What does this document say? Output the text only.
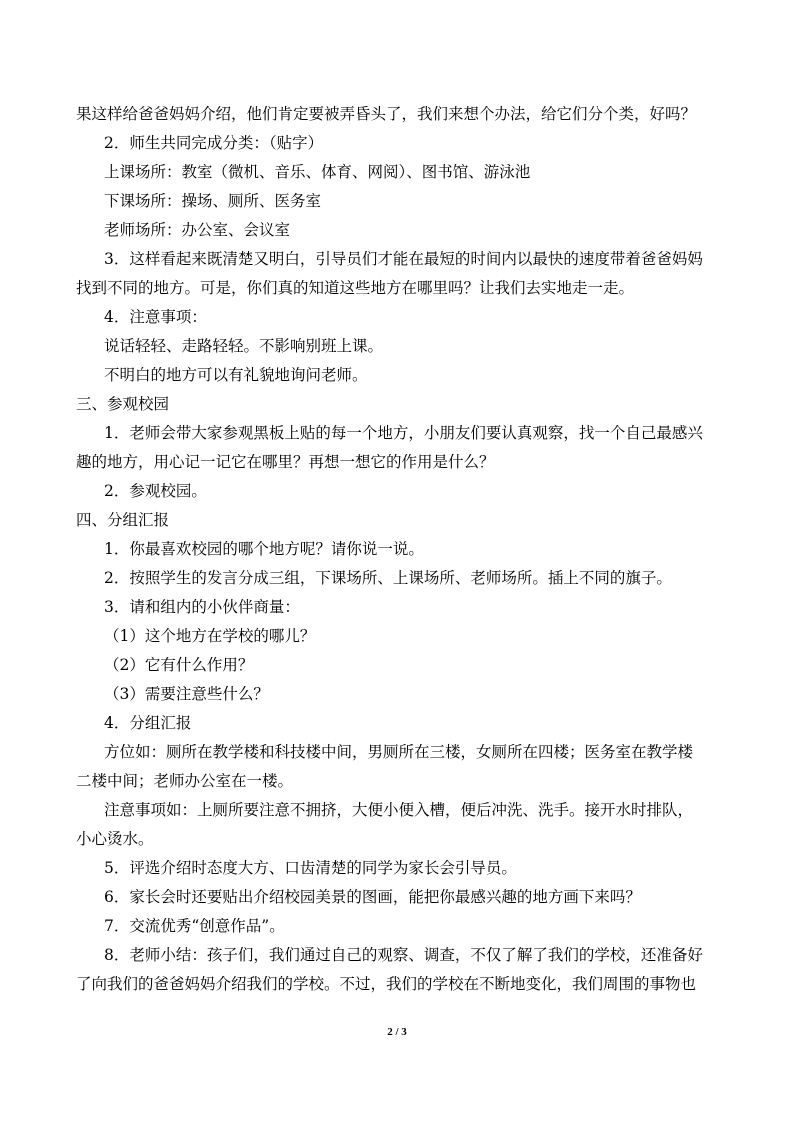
果这样给爸爸妈妈介绍，他们肯定要被弄昏头了，我们来想个办法，给它们分个类，好吗？

2．师生共同完成分类：（贴字）

上课场所：教室（微机、音乐、体育、网阅）、图书馆、游泳池

下课场所：操场、厕所、医务室

老师场所：办公室、会议室

3．这样看起来既清楚又明白，引导员们才能在最短的时间内以最快的速度带着爸爸妈妈

找到不同的地方。可是，你们真的知道这些地方在哪里吗？让我们去实地走一走。

4．注意事项：

说话轻轻、走路轻轻。不影响别班上课。

不明白的地方可以有礼貌地询问老师。

三、参观校园

1．老师会带大家参观黑板上贴的每一个地方，小朋友们要认真观察，找一个自己最感兴

趣的地方，用心记一记它在哪里？再想一想它的作用是什么？

2．参观校园。

四、分组汇报

1．你最喜欢校园的哪个地方呢？请你说一说。

2．按照学生的发言分成三组，下课场所、上课场所、老师场所。插上不同的旗子。

3．请和组内的小伙伴商量：

（1）这个地方在学校的哪儿？

（2）它有什么作用？

（3）需要注意些什么？

4．分组汇报

方位如：厕所在教学楼和科技楼中间，男厕所在三楼，女厕所在四楼；医务室在教学楼

二楼中间；老师办公室在一楼。

注意事项如：上厕所要注意不拥挤，大便小便入槽，便后冲洗、洗手。接开水时排队，

小心烫水。

5．评选介绍时态度大方、口齿清楚的同学为家长会引导员。

6．家长会时还要贴出介绍校园美景的图画，能把你最感兴趣的地方画下来吗？

7．交流优秀“创意作品”。

8．老师小结：孩子们，我们通过自己的观察、调查，不仅了解了我们的学校，还准备好

了向我们的爸爸妈妈介绍我们的学校。不过，我们的学校在不断地变化，我们周围的事物也

2 / 3
